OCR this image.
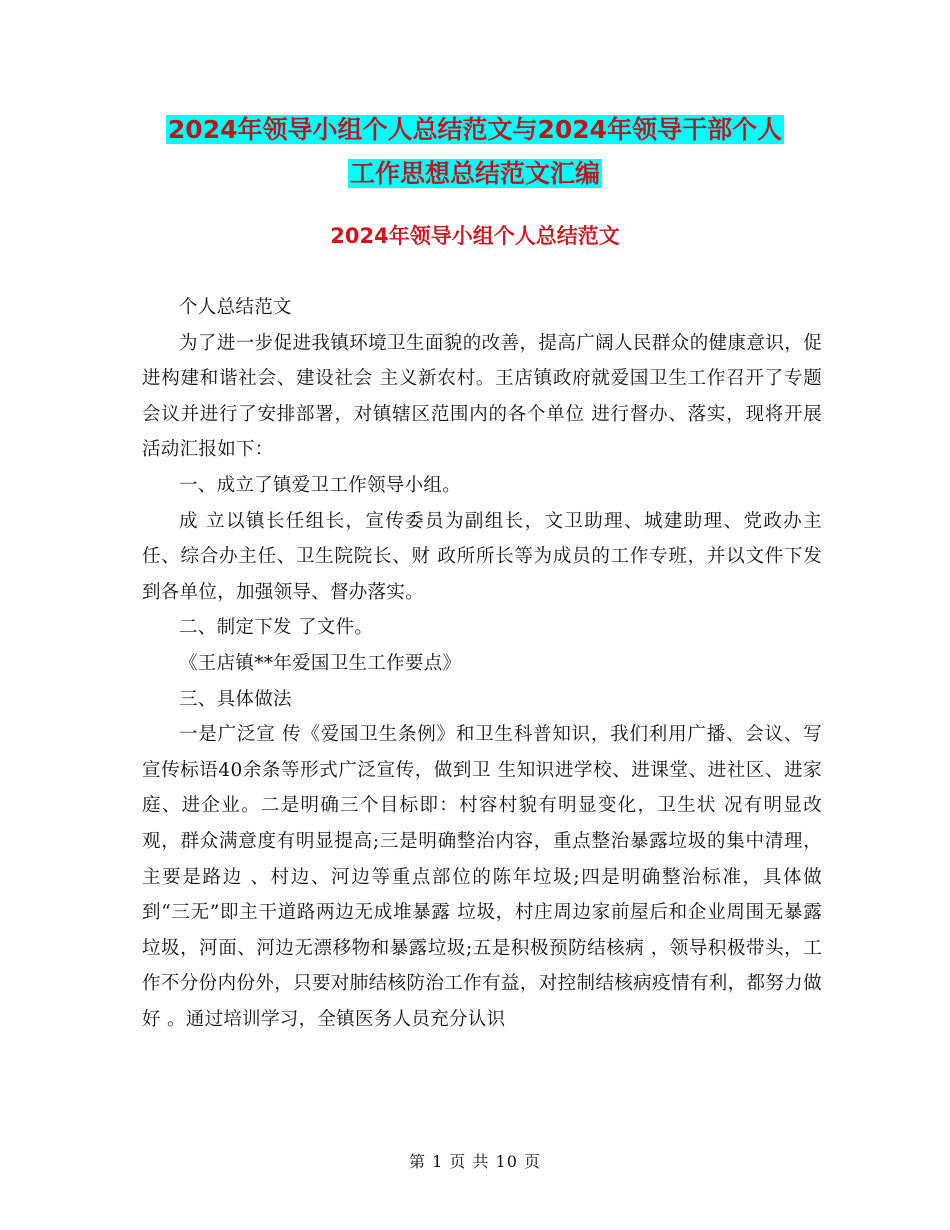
2024年领导小组个人总结范文与2024年领导干部个人
工作思想总结范文汇编
2024年领导小组个人总结范文

个人总结范文

为了进一步促进我镇环境卫生面貌的改善，提高广阔人民群众的健康意识，促进构建和谐社会、建设社会 主义新农村。王店镇政府就爱国卫生工作召开了专题会议并进行了安排部署，对镇辖区范围内的各个单位 进行督办、落实，现将开展活动汇报如下：

一、成立了镇爱卫工作领导小组。

成 立以镇长任组长，宣传委员为副组长，文卫助理、城建助理、党政办主任、综合办主任、卫生院院长、财 政所所长等为成员的工作专班，并以文件下发到各单位，加强领导、督办落实。

二、制定下发 了文件。

《王店镇**年爱国卫生工作要点》

三、具体做法

一是广泛宣 传《爱国卫生条例》和卫生科普知识，我们利用广播、会议、写宣传标语40余条等形式广泛宣传，做到卫 生知识进学校、进课堂、进社区、进家庭、进企业。二是明确三个目标即：村容村貌有明显变化，卫生状 况有明显改观，群众满意度有明显提高;三是明确整治内容，重点整治暴露垃圾的集中清理，主要是路边 、村边、河边等重点部位的陈年垃圾;四是明确整治标准，具体做到“三无”即主干道路两边无成堆暴露 垃圾，村庄周边家前屋后和企业周围无暴露垃圾，河面、河边无漂移物和暴露垃圾;五是积极预防结核病 ，领导积极带头，工作不分份内份外，只要对肺结核防治工作有益，对控制结核病疫情有利，都努力做好 。通过培训学习，全镇医务人员充分认识

第 1 页 共 10 页
